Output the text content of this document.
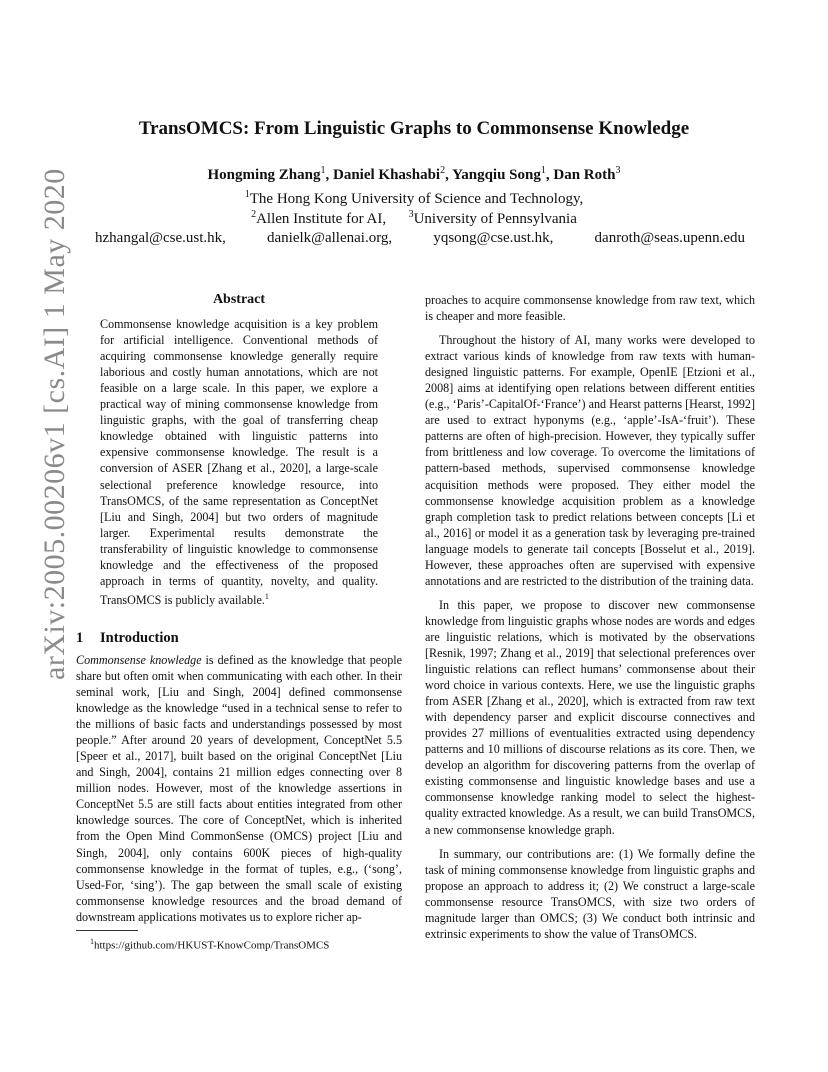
arXiv:2005.00206v1 [cs.AI] 1 May 2020
TransOMCS: From Linguistic Graphs to Commonsense Knowledge
Hongming Zhang$^1$, Daniel Khashabi$^2$, Yangqiu Song$^1$, Dan Roth$^3$
$^1$The Hong Kong University of Science and Technology,
$^2$Allen Institute for AI, $^3$University of Pennsylvania
hzhangal@cse.ust.hk,	danielk@allenai.org,	yqsong@cse.ust.hk,	danroth@seas.upenn.edu
Abstract
Commonsense knowledge acquisition is a key problem for artificial intelligence. Conventional methods of acquiring commonsense knowledge generally require laborious and costly human annotations, which are not feasible on a large scale. In this paper, we explore a practical way of mining commonsense knowledge from linguistic graphs, with the goal of transferring cheap knowledge obtained with linguistic patterns into expensive commonsense knowledge. The result is a conversion of ASER [Zhang et al., 2020], a large-scale selectional preference knowledge resource, into TransOMCS, of the same representation as ConceptNet [Liu and Singh, 2004] but two orders of magnitude larger. Experimental results demonstrate the transferability of linguistic knowledge to commonsense knowledge and the effectiveness of the proposed approach in terms of quantity, novelty, and quality. TransOMCS is publicly available.$^1$
1 Introduction

Commonsense knowledge is defined as the knowledge that people share but often omit when communicating with each other. In their seminal work, [Liu and Singh, 2004] defined commonsense knowledge as the knowledge “used in a technical sense to refer to the millions of basic facts and understandings possessed by most people.” After around 20 years of development, ConceptNet 5.5 [Speer et al., 2017], built based on the original ConceptNet [Liu and Singh, 2004], contains 21 million edges connecting over 8 million nodes. However, most of the knowledge assertions in ConceptNet 5.5 are still facts about entities integrated from other knowledge sources. The core of ConceptNet, which is inherited from the Open Mind CommonSense (OMCS) project [Liu and Singh, 2004], only contains 600K pieces of high-quality commonsense knowledge in the format of tuples, e.g., (‘song’, Used-For, ‘sing’). The gap between the small scale of existing commonsense knowledge resources and the broad demand of downstream applications motivates us to explore richer ap-

proaches to acquire commonsense knowledge from raw text, which is cheaper and more feasible.

Throughout the history of AI, many works were developed to extract various kinds of knowledge from raw texts with human-designed linguistic patterns. For example, OpenIE [Etzioni et al., 2008] aims at identifying open relations between different entities (e.g., ‘Paris’-CapitalOf-‘France’) and Hearst patterns [Hearst, 1992] are used to extract hyponyms (e.g., ‘apple’-IsA-‘fruit’). These patterns are often of high-precision. However, they typically suffer from brittleness and low coverage. To overcome the limitations of pattern-based methods, supervised commonsense knowledge acquisition methods were proposed. They either model the commonsense knowledge acquisition problem as a knowledge graph completion task to predict relations between concepts [Li et al., 2016] or model it as a generation task by leveraging pre-trained language models to generate tail concepts [Bosselut et al., 2019]. However, these approaches often are supervised with expensive annotations and are restricted to the distribution of the training data.

In this paper, we propose to discover new commonsense knowledge from linguistic graphs whose nodes are words and edges are linguistic relations, which is motivated by the observations [Resnik, 1997; Zhang et al., 2019] that selectional preferences over linguistic relations can reflect humans’ commonsense about their word choice in various contexts. Here, we use the linguistic graphs from ASER [Zhang et al., 2020], which is extracted from raw text with dependency parser and explicit discourse connectives and provides 27 millions of eventualities extracted using dependency patterns and 10 millions of discourse relations as its core. Then, we develop an algorithm for discovering patterns from the overlap of existing commonsense and linguistic knowledge bases and use a commonsense knowledge ranking model to select the highest-quality extracted knowledge. As a result, we can build TransOMCS, a new commonsense knowledge graph.

In summary, our contributions are: (1) We formally define the task of mining commonsense knowledge from linguistic graphs and propose an approach to address it; (2) We construct a large-scale commonsense resource TransOMCS, with size two orders of magnitude larger than OMCS; (3) We conduct both intrinsic and extrinsic experiments to show the value of TransOMCS.

$^1$https://github.com/HKUST-KnowComp/TransOMCS
